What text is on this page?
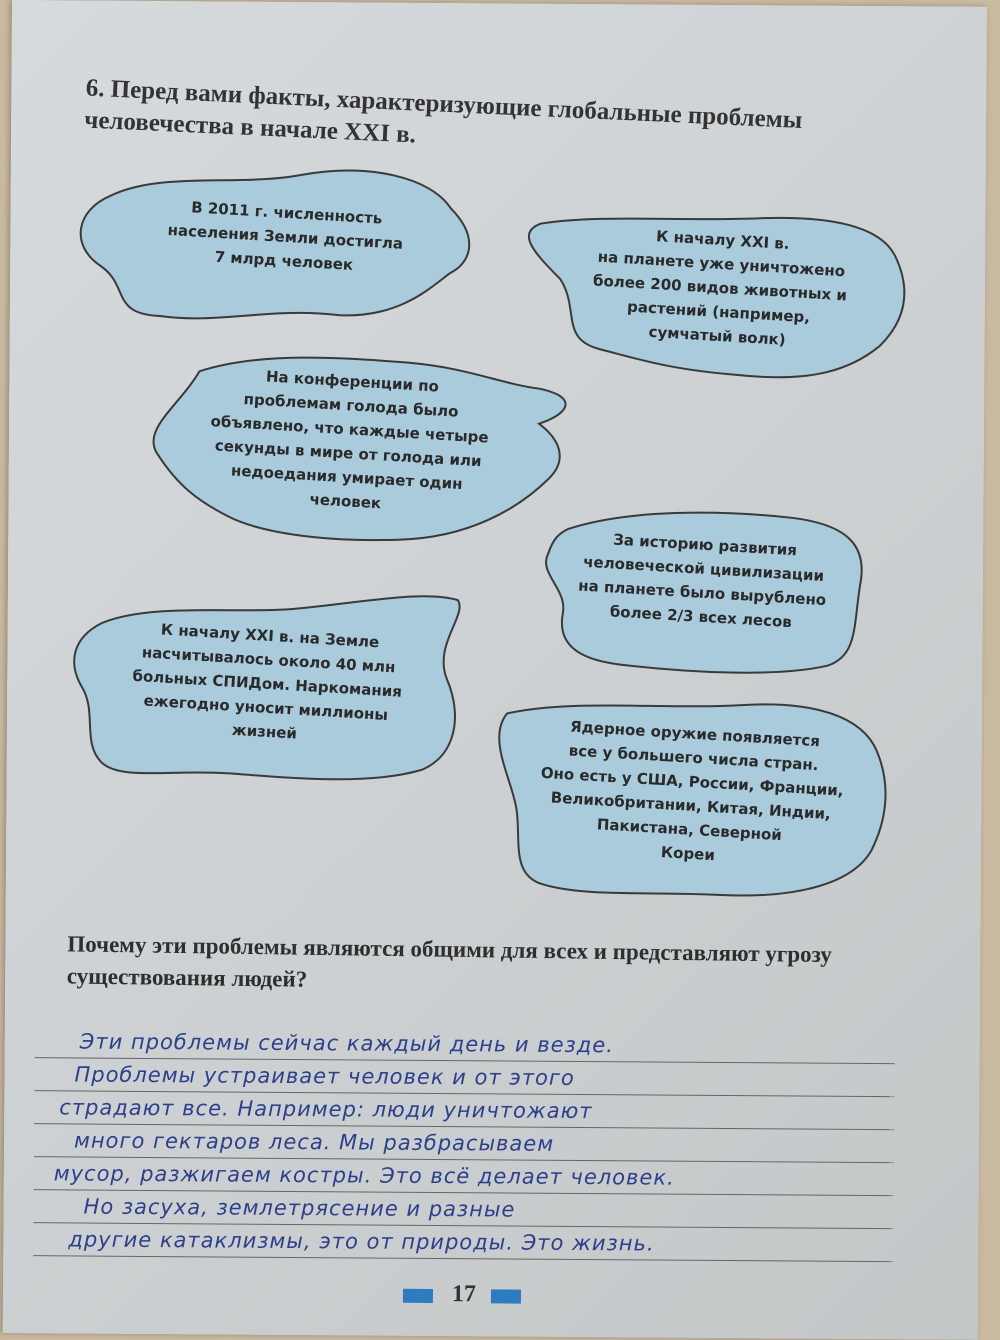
6. Перед вами факты, характеризующие глобальные проблемы человечества в начале XXI в.
В 2011 г. численность
населения Земли достигла
7 млрд человек
К началу XXI в.
на планете уже уничтожено
более 200 видов животных и
растений (например,
сумчатый волк)
На конференции по
проблемам голода было
объявлено, что каждые четыре
секунды в мире от голода или
недоедания умирает один
человек
За историю развития
человеческой цивилизации
на планете было вырублено
более 2/3 всех лесов
К началу XXI в. на Земле
насчитывалось около 40 млн
больных СПИДом. Наркомания
ежегодно уносит миллионы
жизней	Ядерное оружие появляется
все у большего числа стран.
Оно есть у США, России, Франции,
Великобритании, Китая, Индии,
Пакистана, Северной
Кореи
Почему эти проблемы являются общими для всех и представляют угрозу существования людей?
Эти проблемы сейчас каждый день и везде.
Проблемы устраивает человек и от этого
страдают все. Например: люди уничтожают
много гектаров леса. Мы разбрасываем
мусор, разжигаем костры. Это всё делает человек.
Но засуха, землетрясение и разные
другие катаклизмы, это от природы. Это жизнь.
17
